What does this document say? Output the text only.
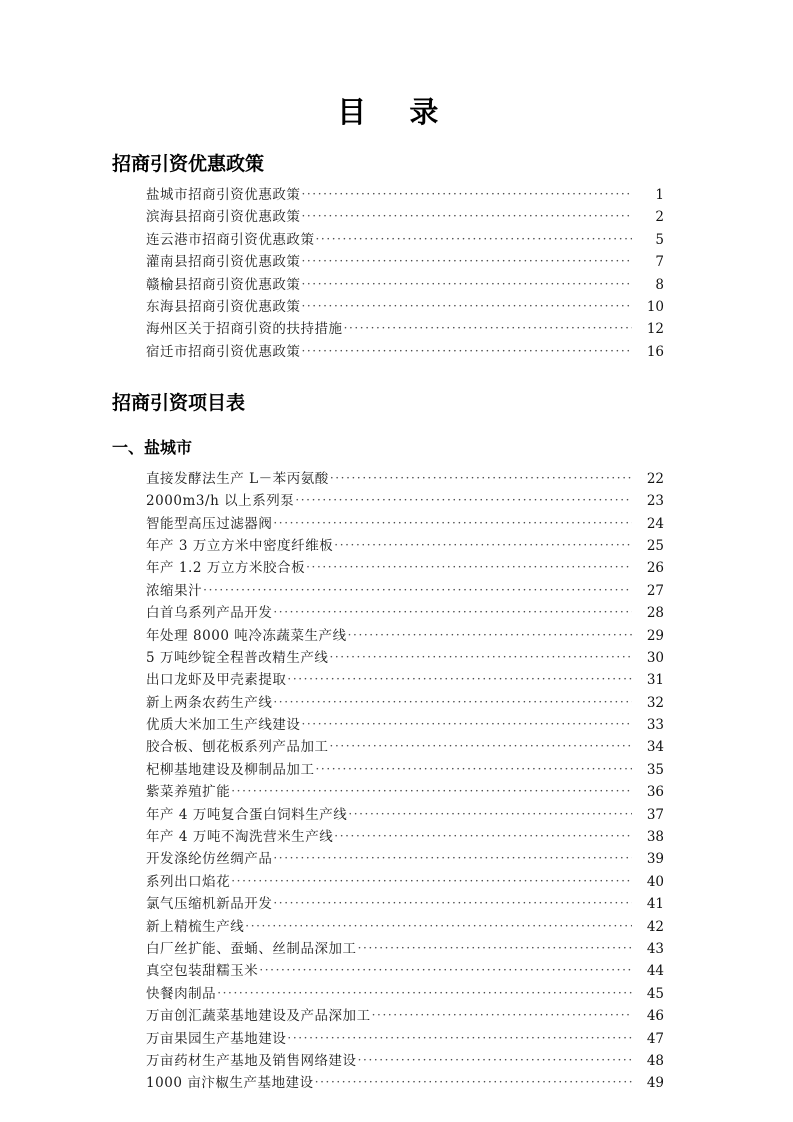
目    录
招商引资优惠政策
盐城市招商引资优惠政策 ·····	1
滨海县招商引资优惠政策 ·····	2
连云港市招商引资优惠政策 ·····	5
灌南县招商引资优惠政策 ·····	7
赣榆县招商引资优惠政策 ·····	8
东海县招商引资优惠政策 ·····	10
海州区关于招商引资的扶持措施 ·····	12
宿迁市招商引资优惠政策 ·····	16
招商引资项目表
一、盐城市
直接发酵法生产 L－苯丙氨酸 ·····	22
2000m3/h 以上系列泵 ·····	23
智能型高压过滤器阀 ·····	24
年产 3 万立方米中密度纤维板 ·····	25
年产 1.2 万立方米胶合板 ·····	26
浓缩果汁 ·····	27
白首乌系列产品开发 ·····	28
年处理 8000 吨冷冻蔬菜生产线 ·····	29
5 万吨纱锭全程普改精生产线 ·····	30
出口龙虾及甲壳素提取 ·····	31
新上两条农药生产线 ·····	32
优质大米加工生产线建设 ·····	33
胶合板、刨花板系列产品加工 ·····	34
杞柳基地建设及柳制品加工 ·····	35
紫菜养殖扩能 ·····	36
年产 4 万吨复合蛋白饲料生产线 ·····	37
年产 4 万吨不淘洗营米生产线 ·····	38
开发涤纶仿丝绸产品 ·····	39
系列出口焰花 ·····	40
氯气压缩机新品开发 ·····	41
新上精梳生产线 ·····	42
白厂丝扩能、蚕蛹、丝制品深加工 ·····	43
真空包装甜糯玉米 ·····	44
快餐肉制品 ·····	45
万亩创汇蔬菜基地建设及产品深加工 ·····	46
万亩果园生产基地建设 ·····	47
万亩药材生产基地及销售网络建设 ·····	48
1000 亩汴椒生产基地建设 ·····	49
